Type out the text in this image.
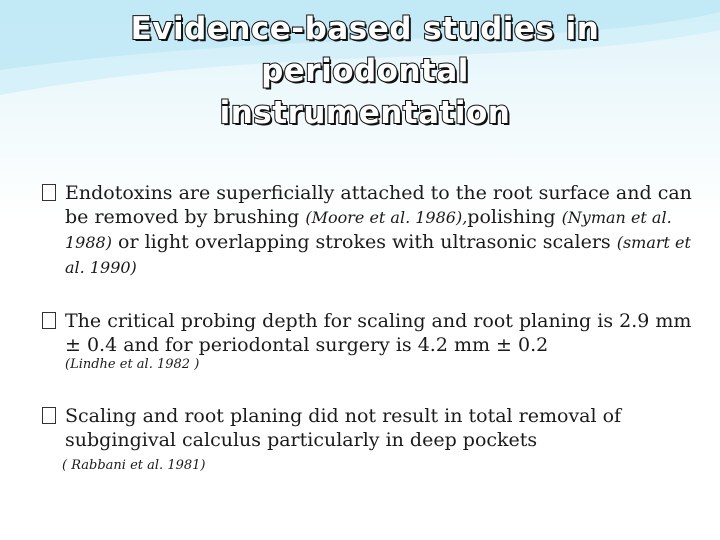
Evidence-based studies in periodontal
instrumentation
Endotoxins are superficially attached to the root surface and can be removed by brushing (Moore et al. 1986),polishing (Nyman et al. 1988) or light overlapping strokes with ultrasonic scalers (smart et al. 1990)
The critical probing depth for scaling and root planing is 2.9 mm ± 0.4 and for periodontal surgery is 4.2 mm ± 0.2
(Lindhe et al. 1982 )
Scaling and root planing did not result in total removal of subgingival calculus particularly in deep pockets
( Rabbani et al. 1981)
